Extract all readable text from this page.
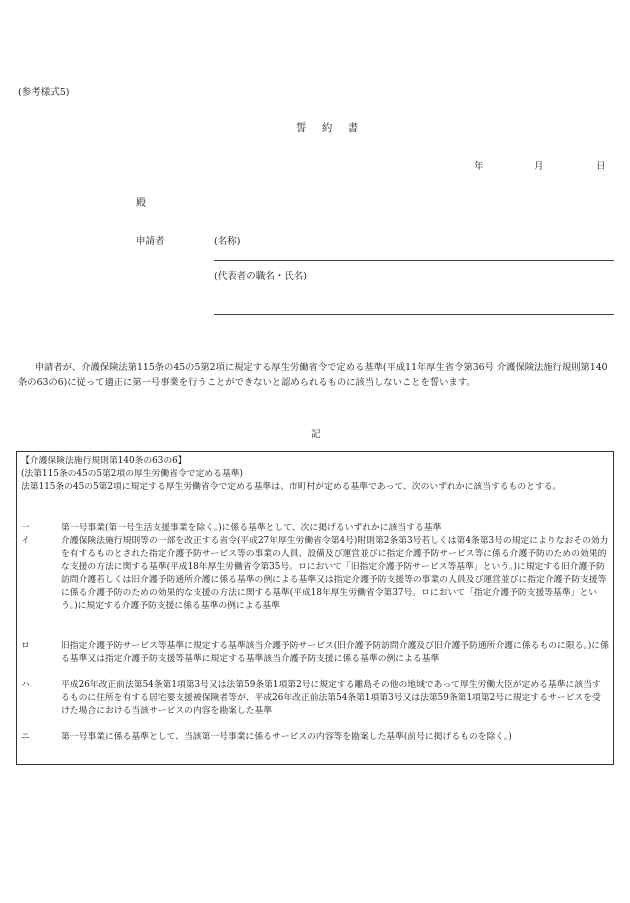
(参考様式5)
誓 約 書
年	月	日
殿
申請者	(名称)
(代表者の職名・氏名)
申請者が、介護保険法第115条の45の5第2項に規定する厚生労働省令で定める基準(平成11年厚生省令第36号 介護保険法施行規則第140条の63の6)に従って適正に第一号事業を行うことができないと認められるものに該当しないことを誓います。
記
【介護保険法施行規則第140条の63の6】
(法第115条の45の5第2項の厚生労働省令で定める基準)
法第115条の45の5第2項に規定する厚生労働省令で定める基準は、市町村が定める基準であって、次のいずれかに該当するものとする。
一	第一号事業(第一号生活支援事業を除く。)に係る基準として、次に掲げるいずれかに該当する基準
イ	介護保険法施行規則等の一部を改正する省令(平成27年厚生労働省令第4号)附則第2条第3号若しくは第4条第3号の規定によりなおその効力を有するものとされた指定介護予防サービス等の事業の人員、設備及び運営並びに指定介護予防サービス等に係る介護予防のための効果的な支援の方法に関する基準(平成18年厚生労働省令第35号。ロにおいて「旧指定介護予防サービス等基準」という。)に規定する旧介護予防訪問介護若しくは旧介護予防通所介護に係る基準の例による基準又は指定介護予防支援等の事業の人員及び運営並びに指定介護予防支援等に係る介護予防のための効果的な支援の方法に関する基準(平成18年厚生労働省令第37号。ロにおいて「指定介護予防支援等基準」という。)に規定する介護予防支援に係る基準の例による基準
ロ	旧指定介護予防サービス等基準に規定する基準該当介護予防サービス(旧介護予防訪問介護及び旧介護予防通所介護に係るものに限る。)に係る基準又は指定介護予防支援等基準に規定する基準該当介護予防支援に係る基準の例による基準
ハ	平成26年改正前法第54条第1項第3号又は法第59条第1項第2号に規定する離島その他の地域であって厚生労働大臣が定める基準に該当するものに住所を有する居宅要支援被保険者等が、平成26年改正前法第54条第1項第3号又は法第59条第1項第2号に規定するサービスを受けた場合における当該サービスの内容を勘案した基準
ニ	第一号事業に係る基準として、当該第一号事業に係るサービスの内容等を勘案した基準(前号に掲げるものを除く。)
